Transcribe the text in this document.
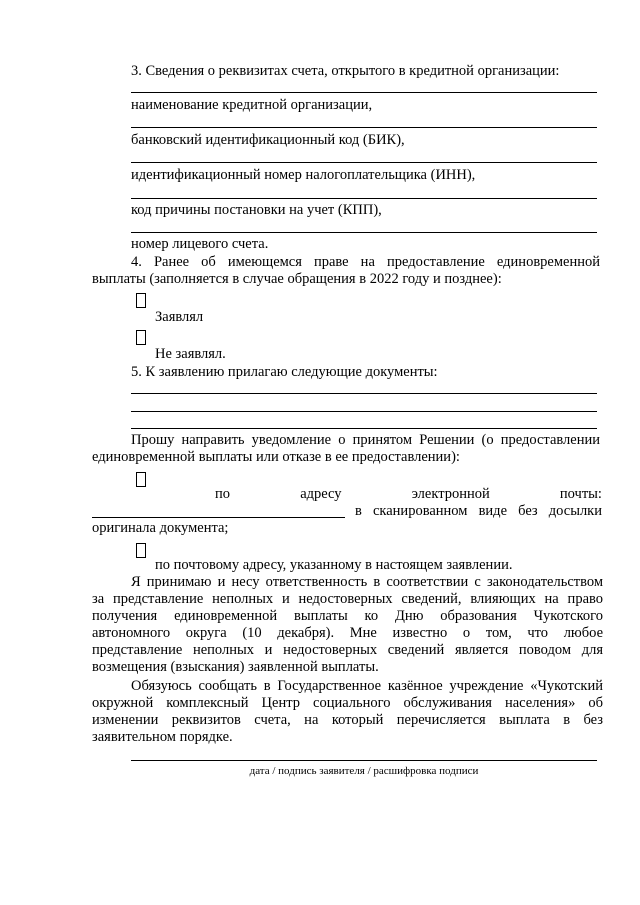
3. Сведения о реквизитах счета, открытого в кредитной организации:
наименование кредитной организации,
банковский идентификационный код (БИК),
идентификационный номер налогоплательщика (ИНН),
код причины постановки на учет (КПП),
номер лицевого счета.
4. Ранее об имеющемся праве на предоставление единовременной
выплаты (заполняется в случае обращения в 2022 году и позднее):
Заявлял
Не заявлял.
5. К заявлению прилагаю следующие документы:
Прошу направить уведомление о принятом Решении (о предоставлении
единовременной выплаты или отказе в ее предоставлении):
по	адресу	электронной	почты:
в сканированном виде без досылки
оригинала документа;
по почтовому адресу, указанному в настоящем заявлении.
Я принимаю и несу ответственность в соответствии с законодательством
за представление неполных и недостоверных сведений, влияющих на право
получения единовременной выплаты ко Дню образования Чукотского
автономного округа (10 декабря). Мне известно о том, что любое
представление неполных и недостоверных сведений является поводом для
возмещения (взыскания) заявленной выплаты.
Обязуюсь сообщать в Государственное казённое учреждение «Чукотский
окружной комплексный Центр социального обслуживания населения» об
изменении реквизитов счета, на который перечисляется выплата в без
заявительном порядке.
дата / подпись заявителя / расшифровка подписи
